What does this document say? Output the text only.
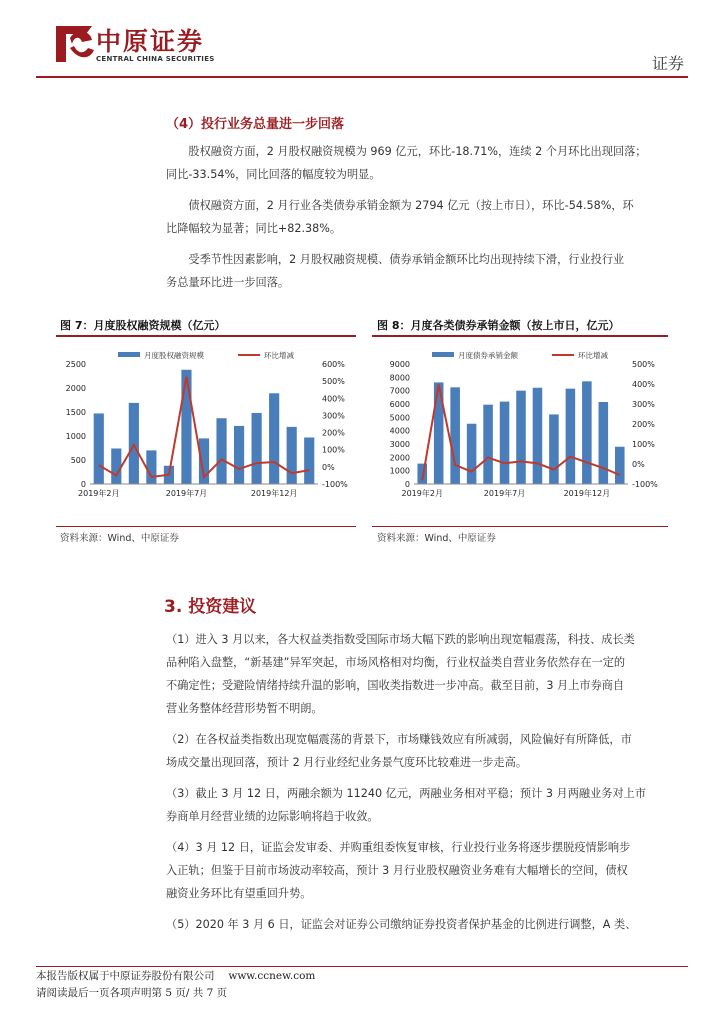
中原证券
CENTRAL CHINA SECURITIES	证券
（4）投行业务总量进一步回落
股权融资方面，2 月股权融资规模为 969 亿元，环比-18.71%，连续 2 个月环比出现回落；
同比-33.54%，同比回落的幅度较为明显。
债权融资方面，2 月行业各类债券承销金额为 2794 亿元（按上市日），环比-54.58%，环
比降幅较为显著；同比+82.38%。
受季节性因素影响，2 月股权融资规模、债券承销金额环比均出现持续下滑，行业投行业
务总量环比进一步回落。
图 7：月度股权融资规模（亿元）	图 8：月度各类债券承销金额（按上市日，亿元）
月度股权融资规模	环比增减
0
500
1000
1500
2000
2500
-100%
0%
100%
200%
300%
400%
500%
600%
2019年2月	2019年7月	2019年12月
月度债券承销金额	环比增减
0
1000
2000
3000
4000
5000
6000
7000
8000
9000
-100%
0%
100%
200%
300%
400%
500%
2019年2月	2019年7月	2019年12月
资料来源：Wind、中原证券	资料来源：Wind、中原证券
3. 投资建议
（1）进入 3 月以来，各大权益类指数受国际市场大幅下跌的影响出现宽幅震荡，科技、成长类
品种陷入盘整，“新基建”异军突起，市场风格相对均衡，行业权益类自营业务依然存在一定的
不确定性；受避险情绪持续升温的影响，国收类指数进一步冲高。截至目前，3 月上市券商自
营业务整体经营形势暂不明朗。
（2）在各权益类指数出现宽幅震荡的背景下，市场赚钱效应有所减弱，风险偏好有所降低，市
场成交量出现回落，预计 2 月行业经纪业务景气度环比较难进一步走高。
（3）截止 3 月 12 日，两融余额为 11240 亿元，两融业务相对平稳；预计 3 月两融业务对上市
券商单月经营业绩的边际影响将趋于收敛。
（4）3 月 12 日，证监会发审委、并购重组委恢复审核，行业投行业务将逐步摆脱疫情影响步
入正轨；但鉴于目前市场波动率较高，预计 3 月行业股权融资业务难有大幅增长的空间，债权
融资业务环比有望重回升势。
（5）2020 年 3 月 6 日，证监会对证券公司缴纳证券投资者保护基金的比例进行调整，A 类、
本报告版权属于中原证券股份有限公司　 www.ccnew.com
请阅读最后一页各项声明第 5 页/ 共 7 页
